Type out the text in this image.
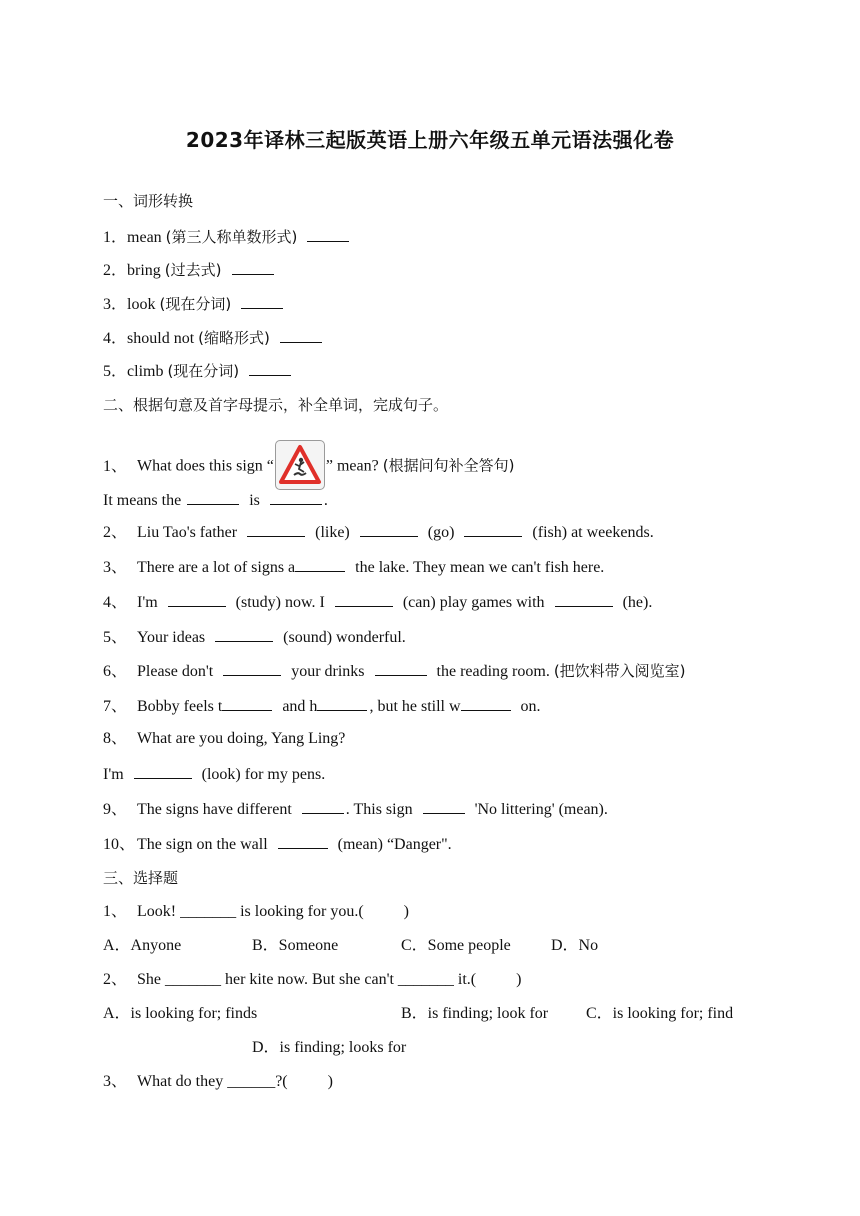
2023年译林三起版英语上册六年级五单元语法强化卷
一、词形转换
1．mean (第三人称单数形式)
2．bring (过去式)
3．look (现在分词)
4．should not (缩略形式)
5．climb (现在分词)
二、根据句意及首字母提示，补全单词，完成句子。
1、 What does this sign “	” mean? (根据问句补全答句)
It means the	is	.
2、 Liu Tao's father	(like)	(go)	(fish) at weekends.
3、 There are a lot of signs a	the lake. They mean we can't fish here.
4、 I'm	(study) now. I	(can) play games with	(he).
5、 Your ideas	(sound) wonderful.
6、 Please don't	your drinks	the reading room. (把饮料带入阅览室)
7、 Bobby feels t	and h	, but he still w	on.
8、 What are you doing, Yang Ling?
I'm	(look) for my pens.
9、 The signs have different	. This sign	'No littering' (mean).
10、 The sign on the wall	(mean) “Danger".
三、选择题
1、 Look! _______ is looking for you.(          )
A．Anyone	B．Someone	C．Some people	D．No
2、 She _______ her kite now. But she can't _______ it.(          )
A．is looking for; finds	B．is finding; look for C．is looking for; find
D．is finding; looks for
3、 What do they ______?(          )
